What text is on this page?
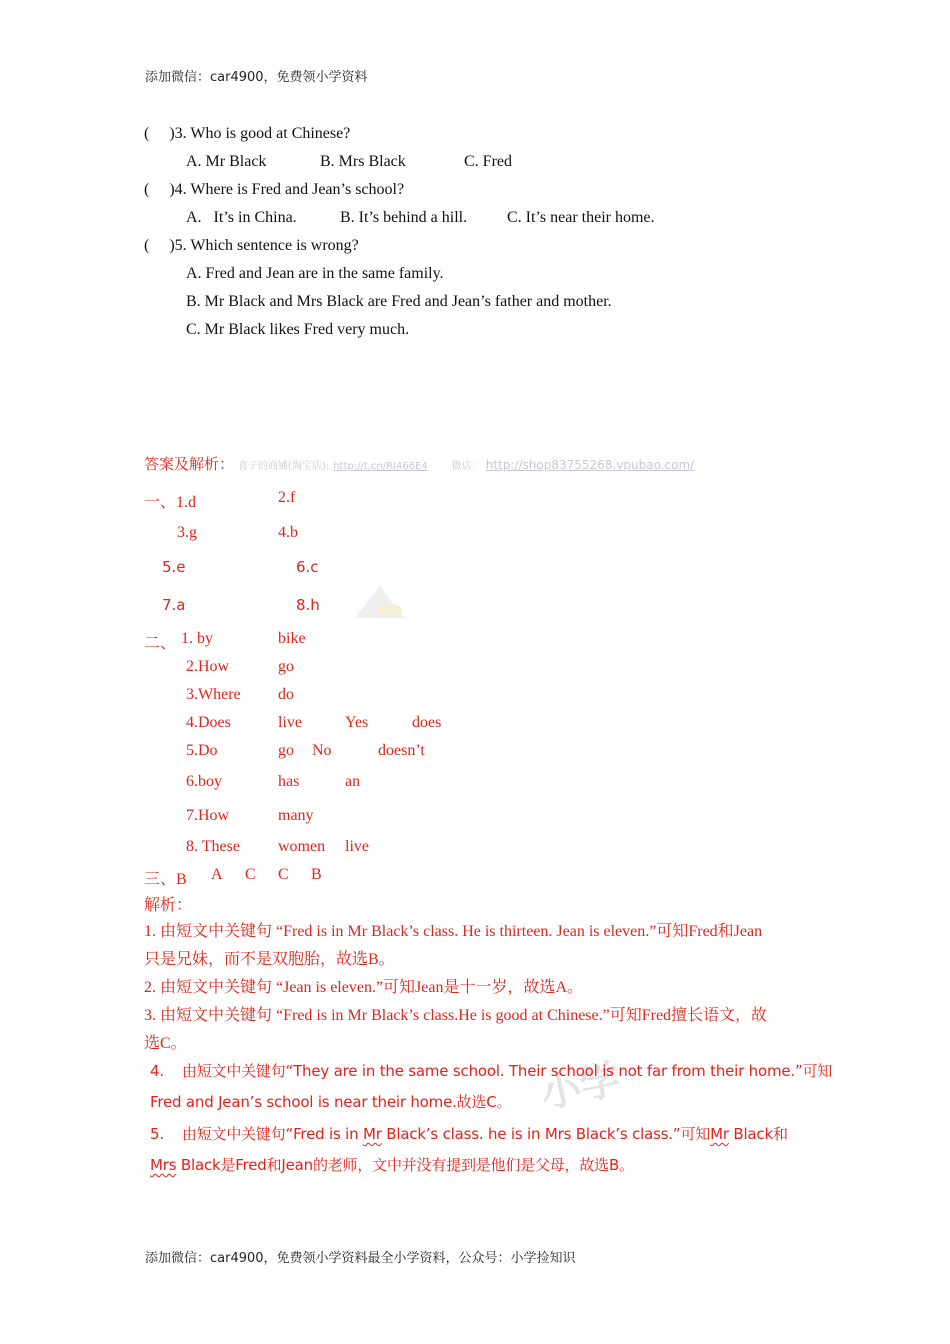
添加微信：car4900，免费领小学资料
( )3. Who is good at Chinese?
A. Mr Black	B. Mrs Black	C. Fred
( )4. Where is Fred and Jean’s school?
A.   It’s in China.	B. It’s behind a hill. C. It’s near their home.
( )5. Which sentence is wrong?
A. Fred and Jean are in the same family.
B. Mr Black and Mrs Black are Fred and Jean’s father and mother.
C. Mr Black likes Fred very much.
答案及解析： 喜子的商铺(淘宝店): http://t.cn/RI466E4 微店： http://shop83755268.vpubao.com/
一、1.d	2.f
3.g	4.b
5.e	6.c
7.a	8.h
二、 1. by	bike
2.How	go
3.Where do
4.Does	live	Yes	does
5.Do	go No	doesn’t
6.boy	has	an
7.How	many
8. These women live
三、B A C C B
解析：
1. 由短文中关键句 “Fred is in Mr Black’s class. He is thirteen. Jean is eleven.”可知Fred和Jean
只是兄妹，而不是双胞胎，故选B。
2. 由短文中关键句 “Jean is eleven.”可知Jean是十一岁，故选A。
3. 由短文中关键句 “Fred is in Mr Black’s class.He is good at Chinese.”可知Fred擅长语文，故
选C。
小学
4. 由短文中关键句“They are in the same school. Their school is not far from their home.”可知
Fred and Jean’s school is near their home.故选C。
5. 由短文中关键句“Fred is in Mr Black’s class. he is in Mrs Black’s class.”可知Mr Black和
Mrs Black是Fred和Jean的老师，文中并没有提到是他们是父母，故选B。
添加微信：car4900，免费领小学资料最全小学资料，公众号：小学捡知识
